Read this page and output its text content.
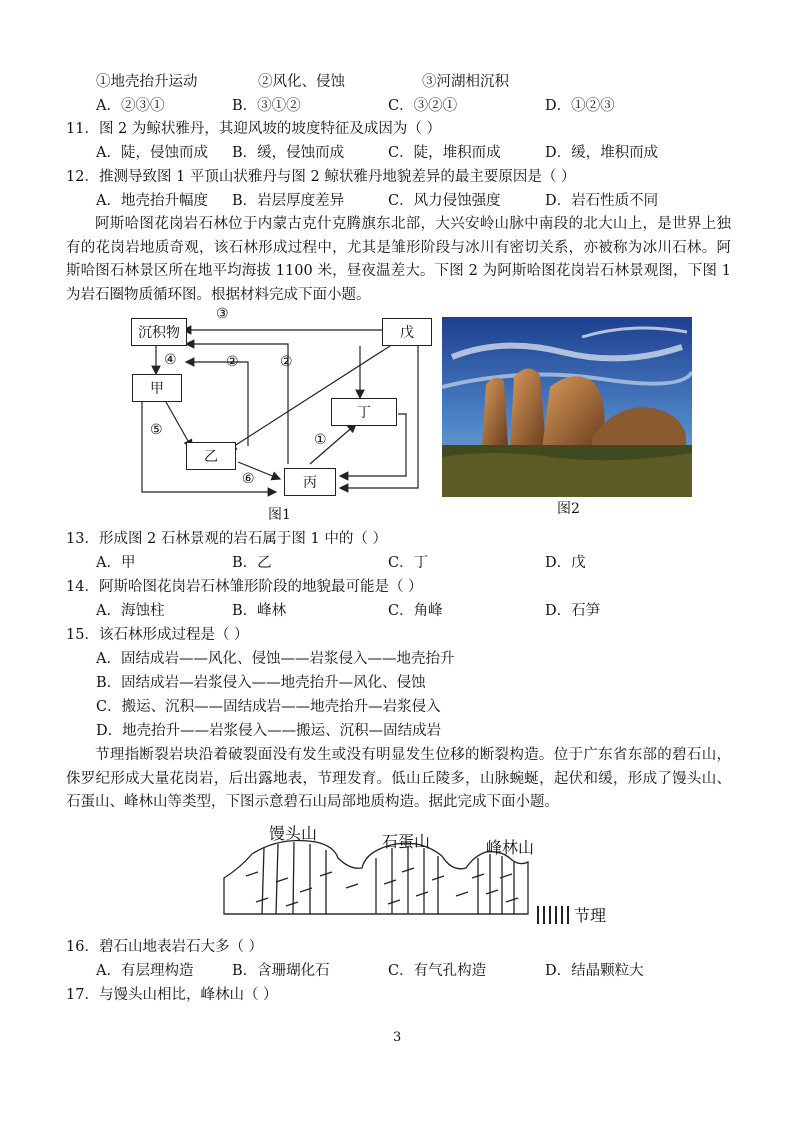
①地壳抬升运动	②风化、侵蚀	③河湖相沉积
A．②③①	B．③①②	C．③②①	D．①②③
11．图 2 为鲸状雅丹，其迎风坡的坡度特征及成因为（ ）
A．陡，侵蚀而成 B．缓，侵蚀而成	C．陡，堆积而成	D．缓，堆积而成
12．推测导致图 1 平顶山状雅丹与图 2 鲸状雅丹地貌差异的最主要原因是（ ）
A．地壳抬升幅度 B．岩层厚度差异	C．风力侵蚀强度	D．岩石性质不同
阿斯哈图花岗岩石林位于内蒙古克什克腾旗东北部，大兴安岭山脉中南段的北大山上，是世界上独有的花岗岩地质奇观，该石林形成过程中，尤其是雏形阶段与冰川有密切关系，亦被称为冰川石林。阿斯哈图石林景区所在地平均海拔 1100 米，昼夜温差大。下图 2 为阿斯哈图花岗岩石林景观图，下图 1 为岩石圈物质循环图。根据材料完成下面小题。
沉积物
甲
乙
丙
丁
戊
③
④	②	②
⑤
⑥
①
图1	图2
13．形成图 2 石林景观的岩石属于图 1 中的（ ）
A．甲	B．乙	C．丁	D．戊
14．阿斯哈图花岗岩石林雏形阶段的地貌最可能是（ ）
A．海蚀柱	B．峰林	C．角峰	D．石笋
15．该石林形成过程是（ ）
A．固结成岩——风化、侵蚀——岩浆侵入——地壳抬升
B．固结成岩—岩浆侵入——地壳抬升—风化、侵蚀
C．搬运、沉积——固结成岩——地壳抬升—岩浆侵入
D．地壳抬升——岩浆侵入——搬运、沉积—固结成岩
节理指断裂岩块沿着破裂面没有发生或没有明显发生位移的断裂构造。位于广东省东部的碧石山，侏罗纪形成大量花岗岩，后出露地表，节理发育。低山丘陵多，山脉蜿蜒，起伏和缓，形成了馒头山、石蛋山、峰林山等类型，下图示意碧石山局部地质构造。据此完成下面小题。
馒头山	石蛋山	峰林山
节理
16．碧石山地表岩石大多（ ）
A．有层理构造	B．含珊瑚化石	C．有气孔构造	D．结晶颗粒大
17．与馒头山相比，峰林山（ ）
3
